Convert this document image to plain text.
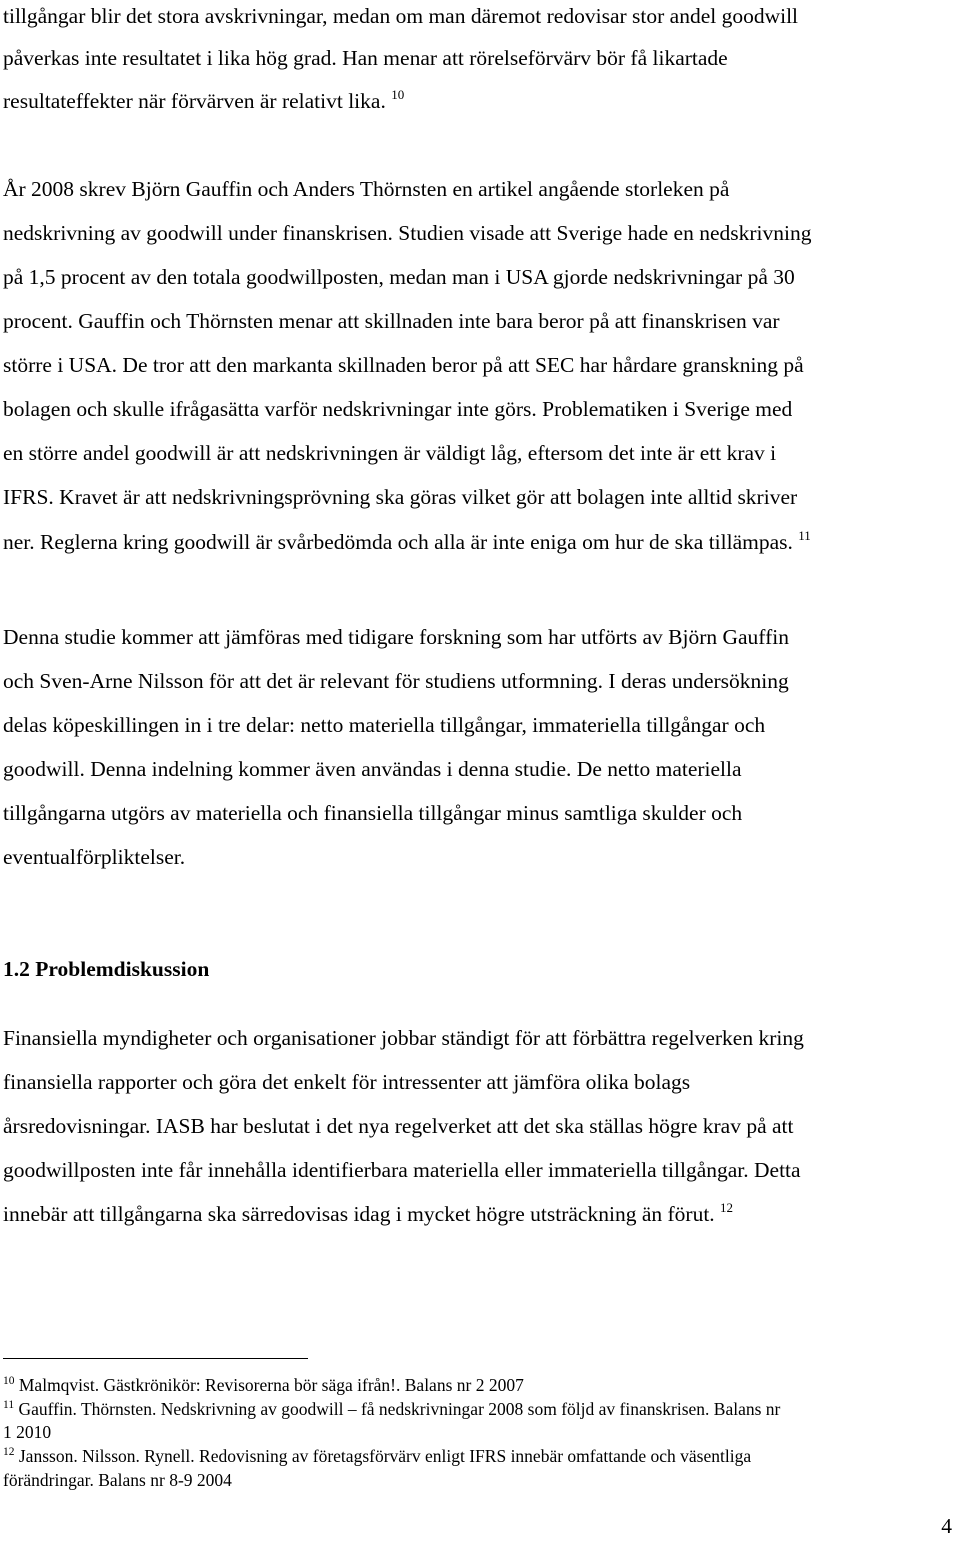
tillgångar blir det stora avskrivningar, medan om man däremot redovisar stor andel goodwill
påverkas inte resultatet i lika hög grad. Han menar att rörelseförvärv bör få likartade
resultateffekter när förvärven är relativt lika. $^{10}$
År 2008 skrev Björn Gauffin och Anders Thörnsten en artikel angående storleken på
nedskrivning av goodwill under finanskrisen. Studien visade att Sverige hade en nedskrivning
på 1,5 procent av den totala goodwillposten, medan man i USA gjorde nedskrivningar på 30
procent. Gauffin och Thörnsten menar att skillnaden inte bara beror på att finanskrisen var
större i USA. De tror att den markanta skillnaden beror på att SEC har hårdare granskning på
bolagen och skulle ifrågasätta varför nedskrivningar inte görs. Problematiken i Sverige med
en större andel goodwill är att nedskrivningen är väldigt låg, eftersom det inte är ett krav i
IFRS. Kravet är att nedskrivningsprövning ska göras vilket gör att bolagen inte alltid skriver
ner. Reglerna kring goodwill är svårbedömda och alla är inte eniga om hur de ska tillämpas. $^{11}$
Denna studie kommer att jämföras med tidigare forskning som har utförts av Björn Gauffin
och Sven-Arne Nilsson för att det är relevant för studiens utformning. I deras undersökning
delas köpeskillingen in i tre delar: netto materiella tillgångar, immateriella tillgångar och
goodwill. Denna indelning kommer även användas i denna studie. De netto materiella
tillgångarna utgörs av materiella och finansiella tillgångar minus samtliga skulder och
eventualförpliktelser.
1.2 Problemdiskussion
Finansiella myndigheter och organisationer jobbar ständigt för att förbättra regelverken kring
finansiella rapporter och göra det enkelt för intressenter att jämföra olika bolags
årsredovisningar. IASB har beslutat i det nya regelverket att det ska ställas högre krav på att
goodwillposten inte får innehålla identifierbara materiella eller immateriella tillgångar. Detta
innebär att tillgångarna ska särredovisas idag i mycket högre utsträckning än förut. $^{12}$
$^{10}$ Malmqvist. Gästkrönikör: Revisorerna bör säga ifrån!. Balans nr 2 2007
$^{11}$ Gauffin. Thörnsten. Nedskrivning av goodwill – få nedskrivningar 2008 som följd av finanskrisen. Balans nr
1 2010
$^{12}$ Jansson. Nilsson. Rynell. Redovisning av företagsförvärv enligt IFRS innebär omfattande och väsentliga
förändringar. Balans nr 8-9 2004
4
